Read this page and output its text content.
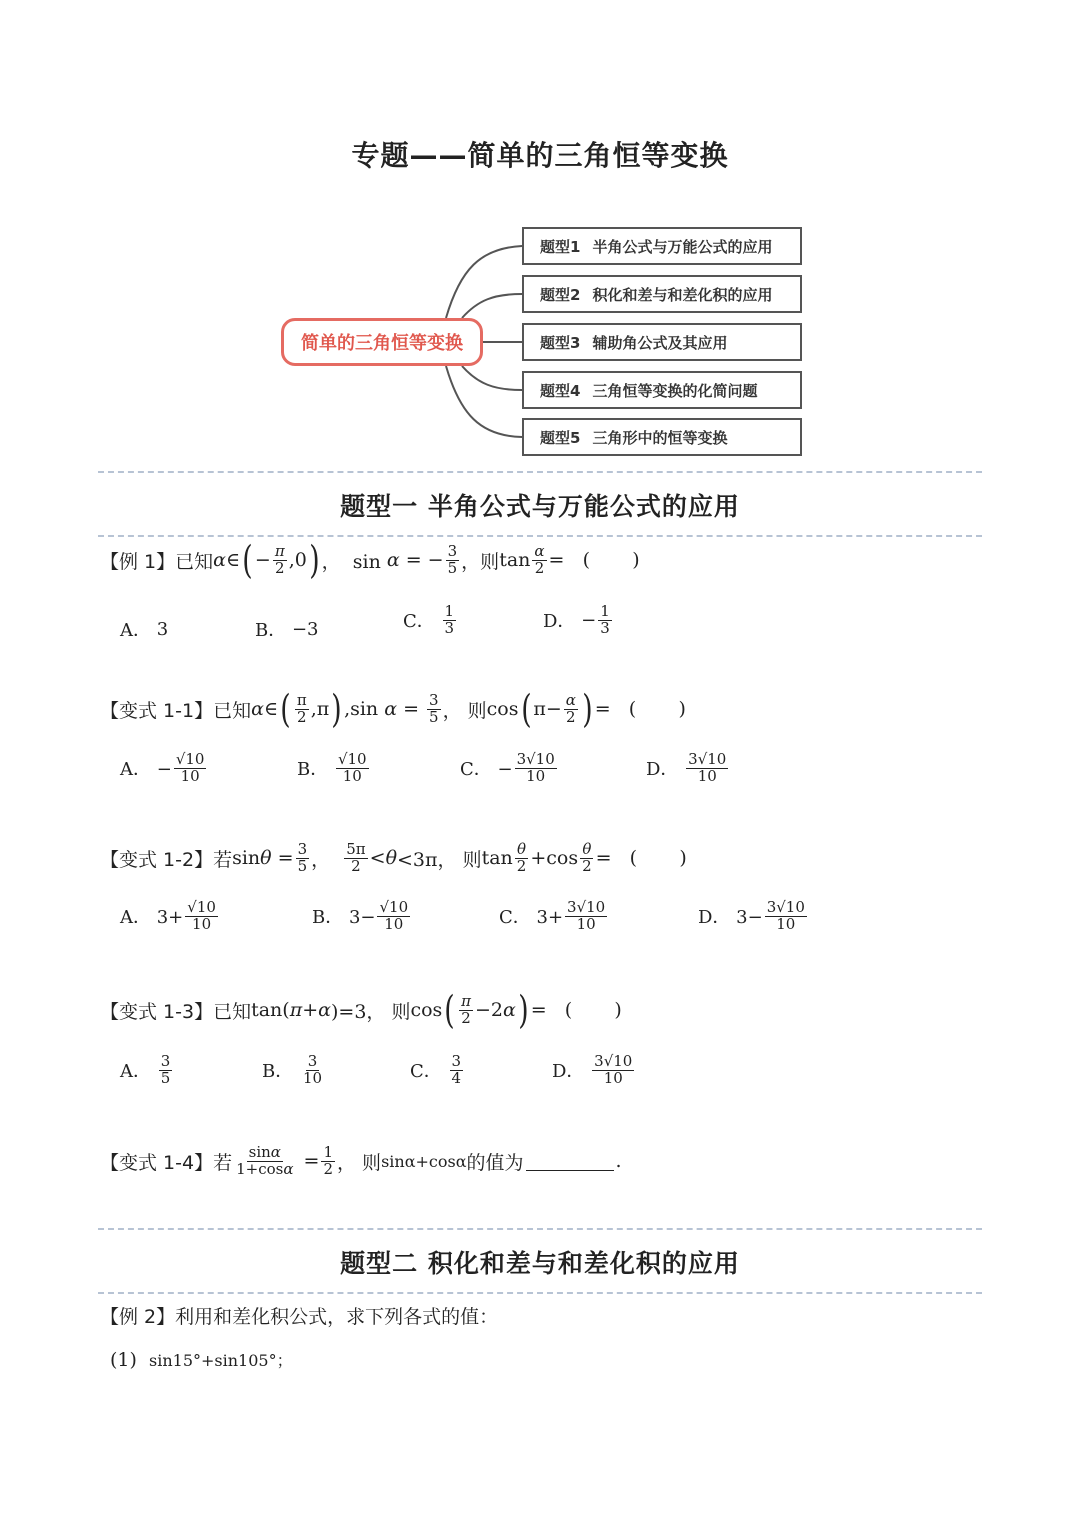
专题——简单的三角恒等变换
简单的三角恒等变换
题型1 半角公式与万能公式的应用
题型2 积化和差与和差化积的应用
题型3 辅助角公式及其应用
题型4 三角恒等变换的化简问题
题型5 三角形中的恒等变换
题型一 半角公式与万能公式的应用
【例 1】 已知 α ∈ ( − $\frac{\pi}{2} ,0$ ) ，  sin α = − $\frac{3}{5}$ ， 则 $\tan \frac{\alpha}{2}$ =   (       )
A．
3	B．
−3	C．
$\frac{1}{3}$	D．
− $\frac{1}{3}$
【变式 1-1】 已知 α ∈ ( $\frac{\pi}{2} ,\pi$ ) ,sin $\alpha = \frac{3}{5}$ ， 则 cos ( $\pi- \frac{\alpha}{2}$ ) =   (       )
A． − $\frac{√10}{10}$	B． $\frac{√10}{10}$	C． − $\frac{3√10}{10}$	D． $\frac{3√10}{10}$
【变式 1-2】 若 $\sin \theta = \frac{3}{5}$ ， $\frac{5\pi}{2} < \theta <3\pi$， 则 $\tan \frac{\theta}{2} +\cos \frac{\theta}{2}$ =   (       )
A． $3+ \frac{√10}{10}$	B． $3- \frac{√10}{10}$	C． $3+ \frac{3√10}{10}$	D． $3- \frac{3√10}{10}$
【变式 1-3】 已知 tan( π + α )=3， 则 cos ( $\frac{\pi}{2} -2$ α ) =   (       )
A． $\frac{3}{5}$	B． $\frac{3}{10}$	C． $\frac{3}{4}$	D． $\frac{3√10}{10}$
【变式 1-4】 若 $\frac{\sin\alpha}{1+\cos\alpha} = \frac{1}{2}$ ， 则 sinα+cosα 的值为	.
题型二 积化和差与和差化积的应用
【例 2】 利用和差化积公式，求下列各式的值：
(1)
sin15°+sin105°；
